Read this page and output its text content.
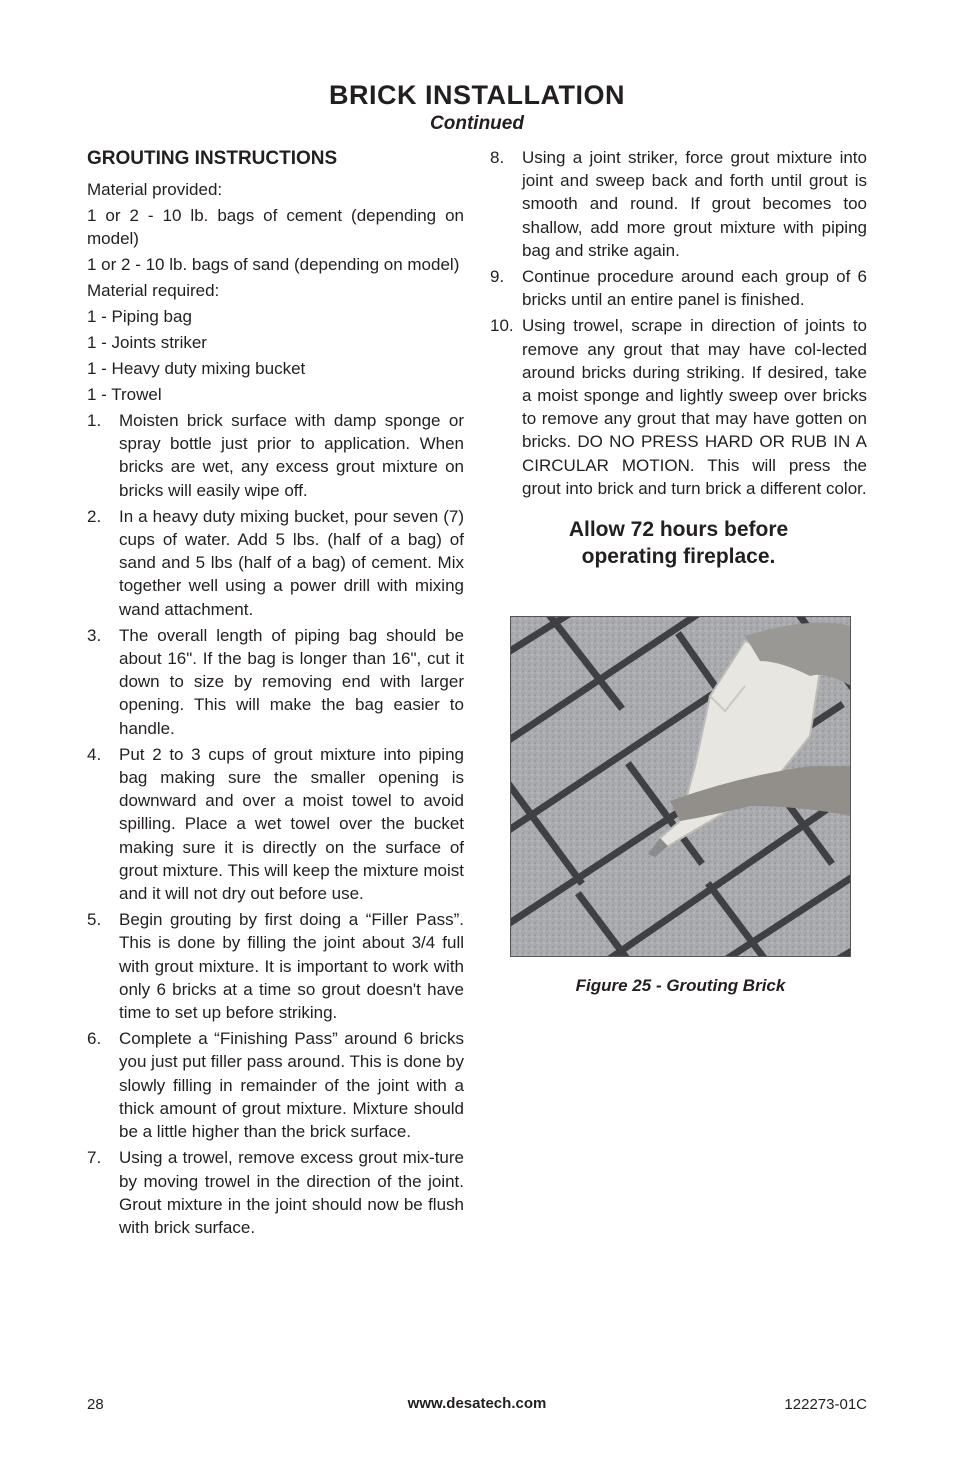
BRICK INSTALLATION
Continued
GROUTING INSTRUCTIONS

Material provided:

1 or 2 - 10 lb. bags of cement (depending on model)

1 or 2 - 10 lb. bags of sand (depending on model)

Material required:

1 - Piping bag

1 - Joints striker

1 - Heavy duty mixing bucket

1 - Trowel

1.	Moisten brick surface with damp sponge or spray bottle just prior to application. When bricks are wet, any excess grout mixture on bricks will easily wipe off.
2.	In a heavy duty mixing bucket, pour seven (7) cups of water. Add 5 lbs. (half of a bag) of sand and 5 lbs (half of a bag) of cement. Mix together well using a power drill with mixing wand attachment.
3.	The overall length of piping bag should be about 16". If the bag is longer than 16", cut it down to size by removing end with larger opening. This will make the bag easier to handle.
4.	Put 2 to 3 cups of grout mixture into piping bag making sure the smaller opening is downward and over a moist towel to avoid spilling. Place a wet towel over the bucket making sure it is directly on the surface of grout mixture. This will keep the mixture moist and it will not dry out before use.
5.	Begin grouting by first doing a “Filler Pass”. This is done by filling the joint about 3/4 full with grout mixture. It is important to work with only 6 bricks at a time so grout doesn't have time to set up before striking.
6.	Complete a “Finishing Pass” around 6 bricks you just put filler pass around. This is done by slowly filling in remainder of the joint with a thick amount of grout mixture. Mixture should be a little higher than the brick surface.
7.	Using a trowel, remove excess grout mix-ture by moving trowel in the direction of the joint. Grout mixture in the joint should now be flush with brick surface.
8.	Using a joint striker, force grout mixture into joint and sweep back and forth until grout is smooth and round. If grout becomes too shallow, add more grout mixture with piping bag and strike again.
9.	Continue procedure around each group of 6 bricks until an entire panel is finished.
10. Using trowel, scrape in direction of joints to remove any grout that may have col-lected around bricks during striking. If desired, take a moist sponge and lightly sweep over bricks to remove any grout that may have gotten on bricks. DO NO PRESS HARD OR RUB IN A CIRCULAR MOTION. This will press the grout into brick and turn brick a different color.
Allow 72 hours before operating fireplace.
Figure 25 - Grouting Brick
28	www.desatech.com	122273-01C
